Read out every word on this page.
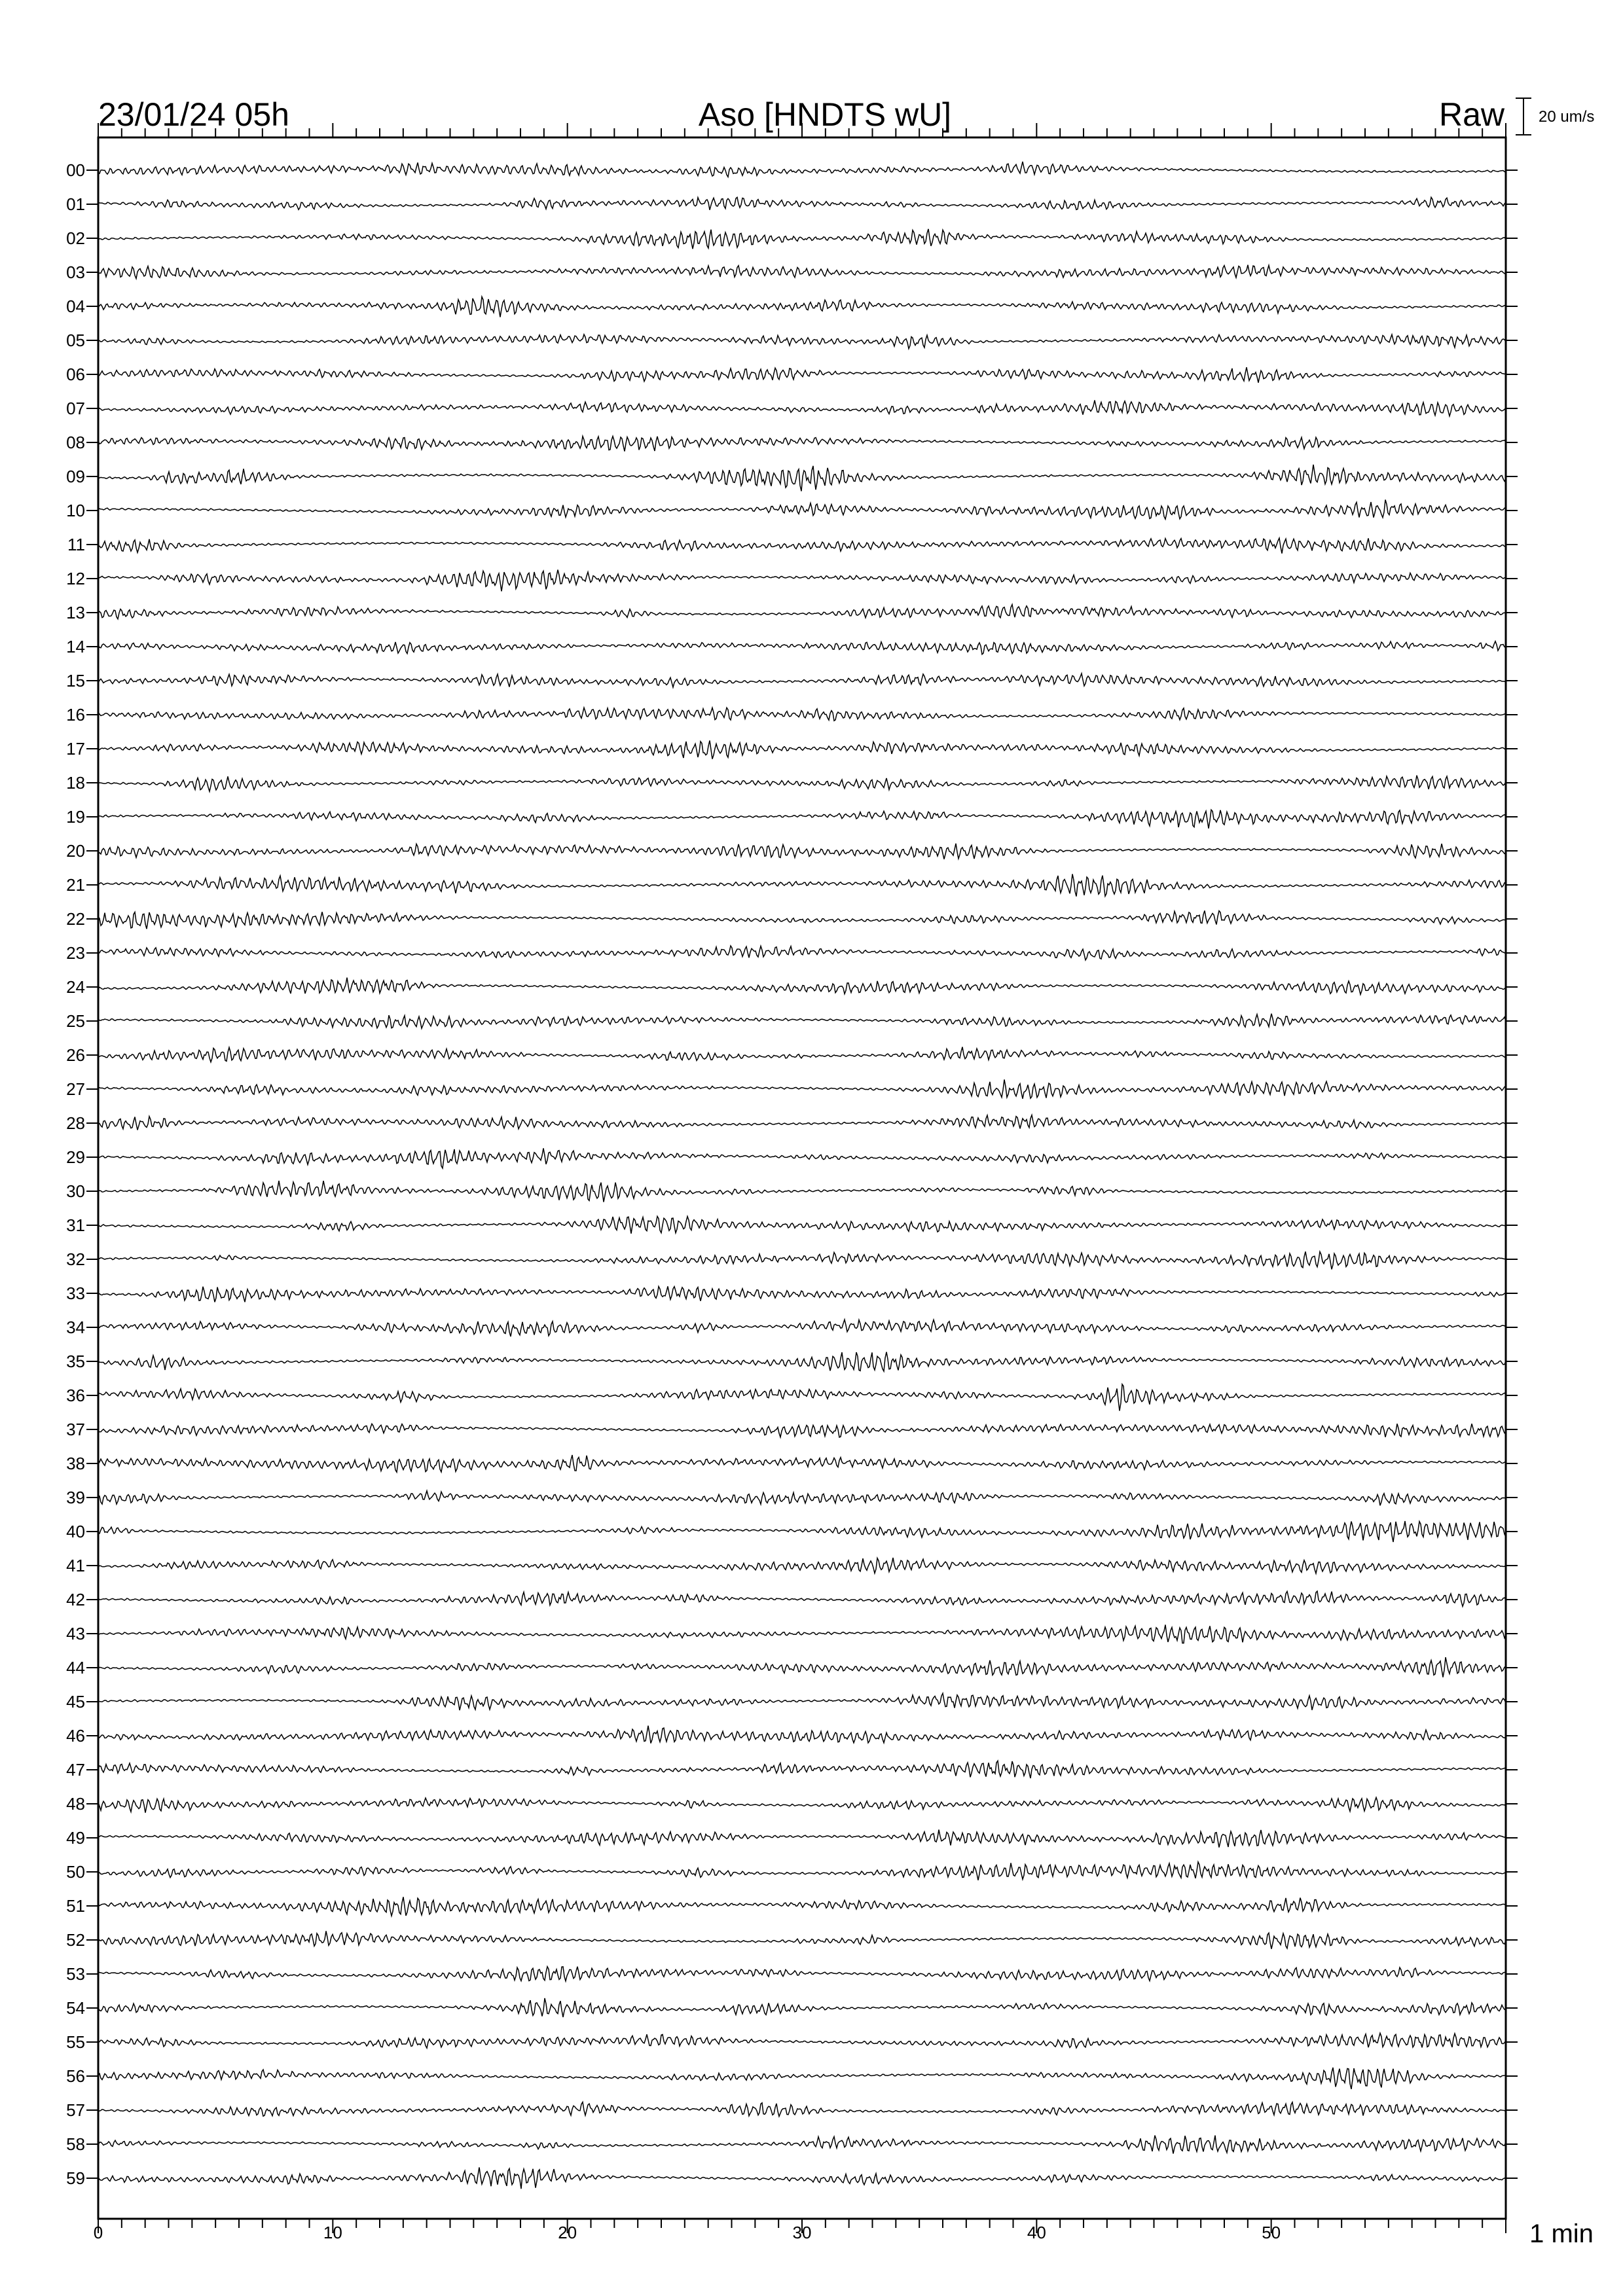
23/01/24 05h	Aso [HNDTS wU]	Raw 20 um/s
00
01
02
03
04
05
06
07
08
09
10
11
12
13
14
15
16
17
18
19
20
21
22
23
24
25
26
27
28
29
30
31
32
33
34
35
36
37
38
39
40
41
42
43
44
45
46
47
48
49
50
51
52
53
54
55
56
57
58
59
0	10	20	30	40	50	1 min
